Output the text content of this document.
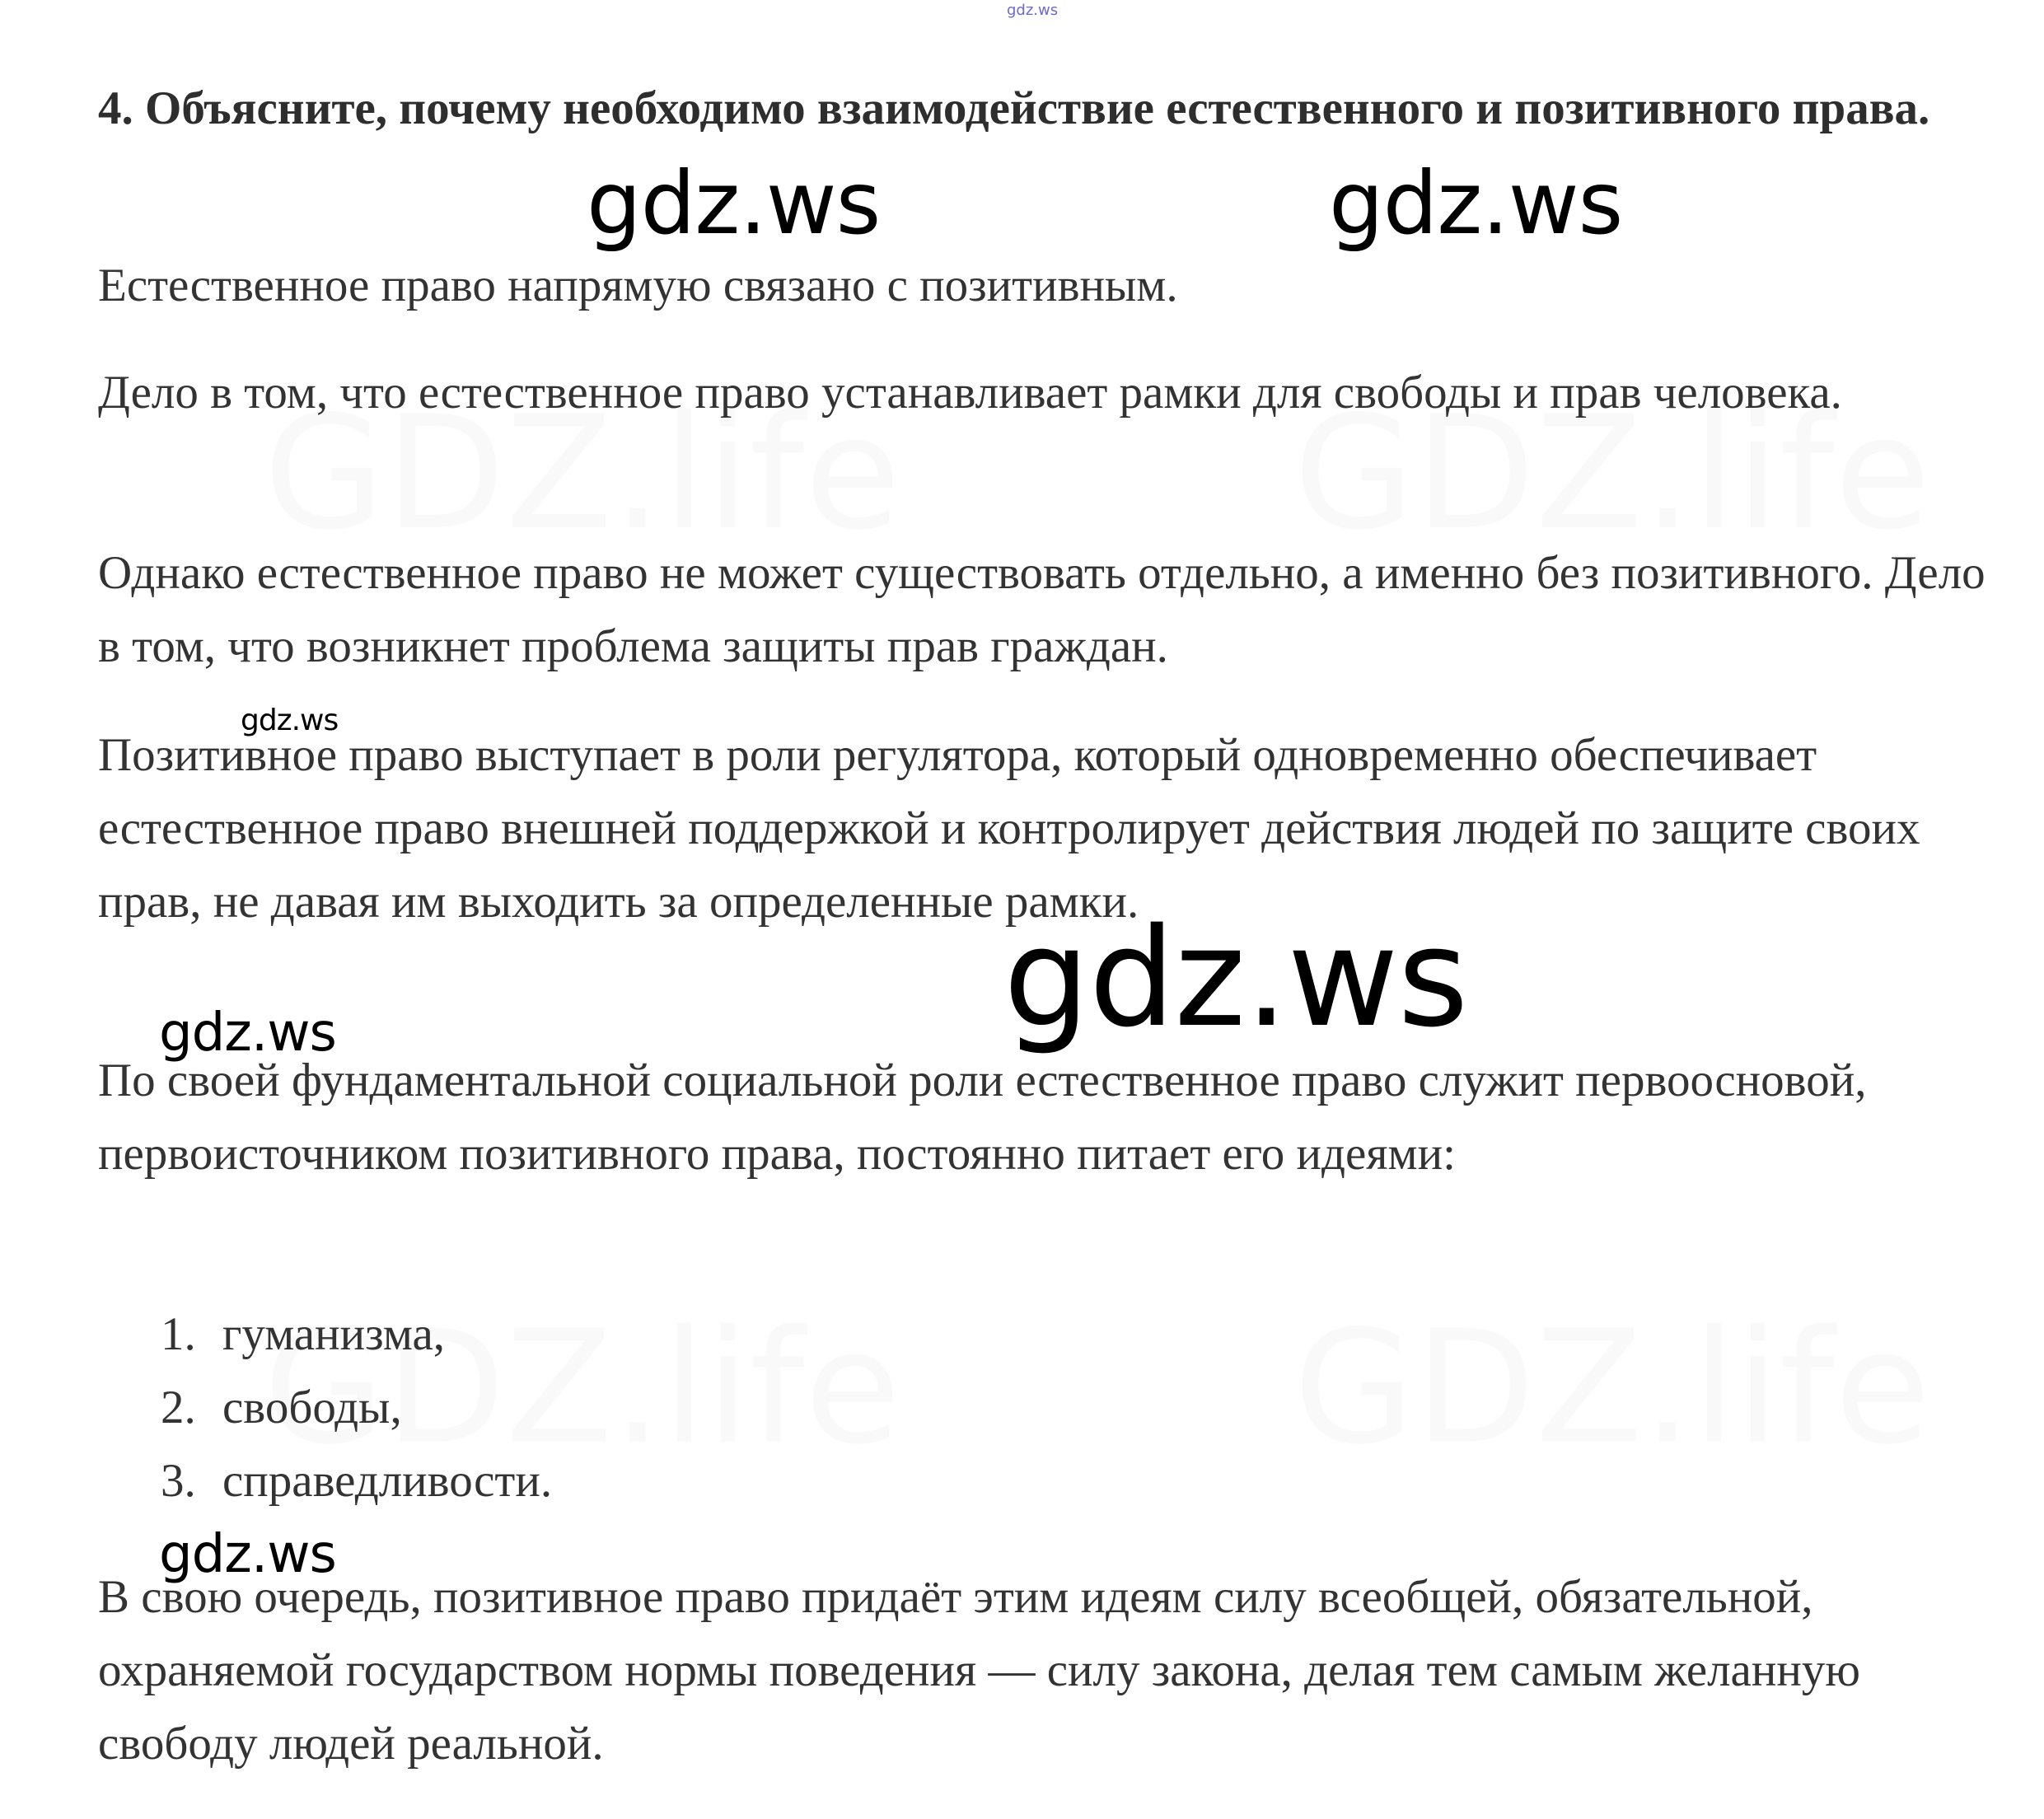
gdz.ws
4. Объясните, почему необходимо взаимодействие естественного и позитивного права.

Естественное право напрямую связано с позитивным.

Дело в том, что естественное право устанавливает рамки для свободы и прав человека.

Однако естественное право не может существовать отдельно, а именно без позитивного. Дело в том, что возникнет проблема защиты прав граждан.

Позитивное право выступает в роли регулятора, который одновременно обеспечивает естественное право внешней поддержкой и контролирует действия людей по защите своих прав, не давая им выходить за определенные рамки.

По своей фундаментальной социальной роли естественное право служит первоосновой, первоисточником позитивного права, постоянно питает его идеями:

1. гуманизма,
2. свободы,
3. справедливости.

В свою очередь, позитивное право придаёт этим идеям силу всеобщей, обязательной, охраняемой государством нормы поведения — силу закона, делая тем самым желанную свободу людей реальной.

gdz.ws	gdz.ws
gdz.ws
gdz.ws
gdz.ws
gdz.ws
